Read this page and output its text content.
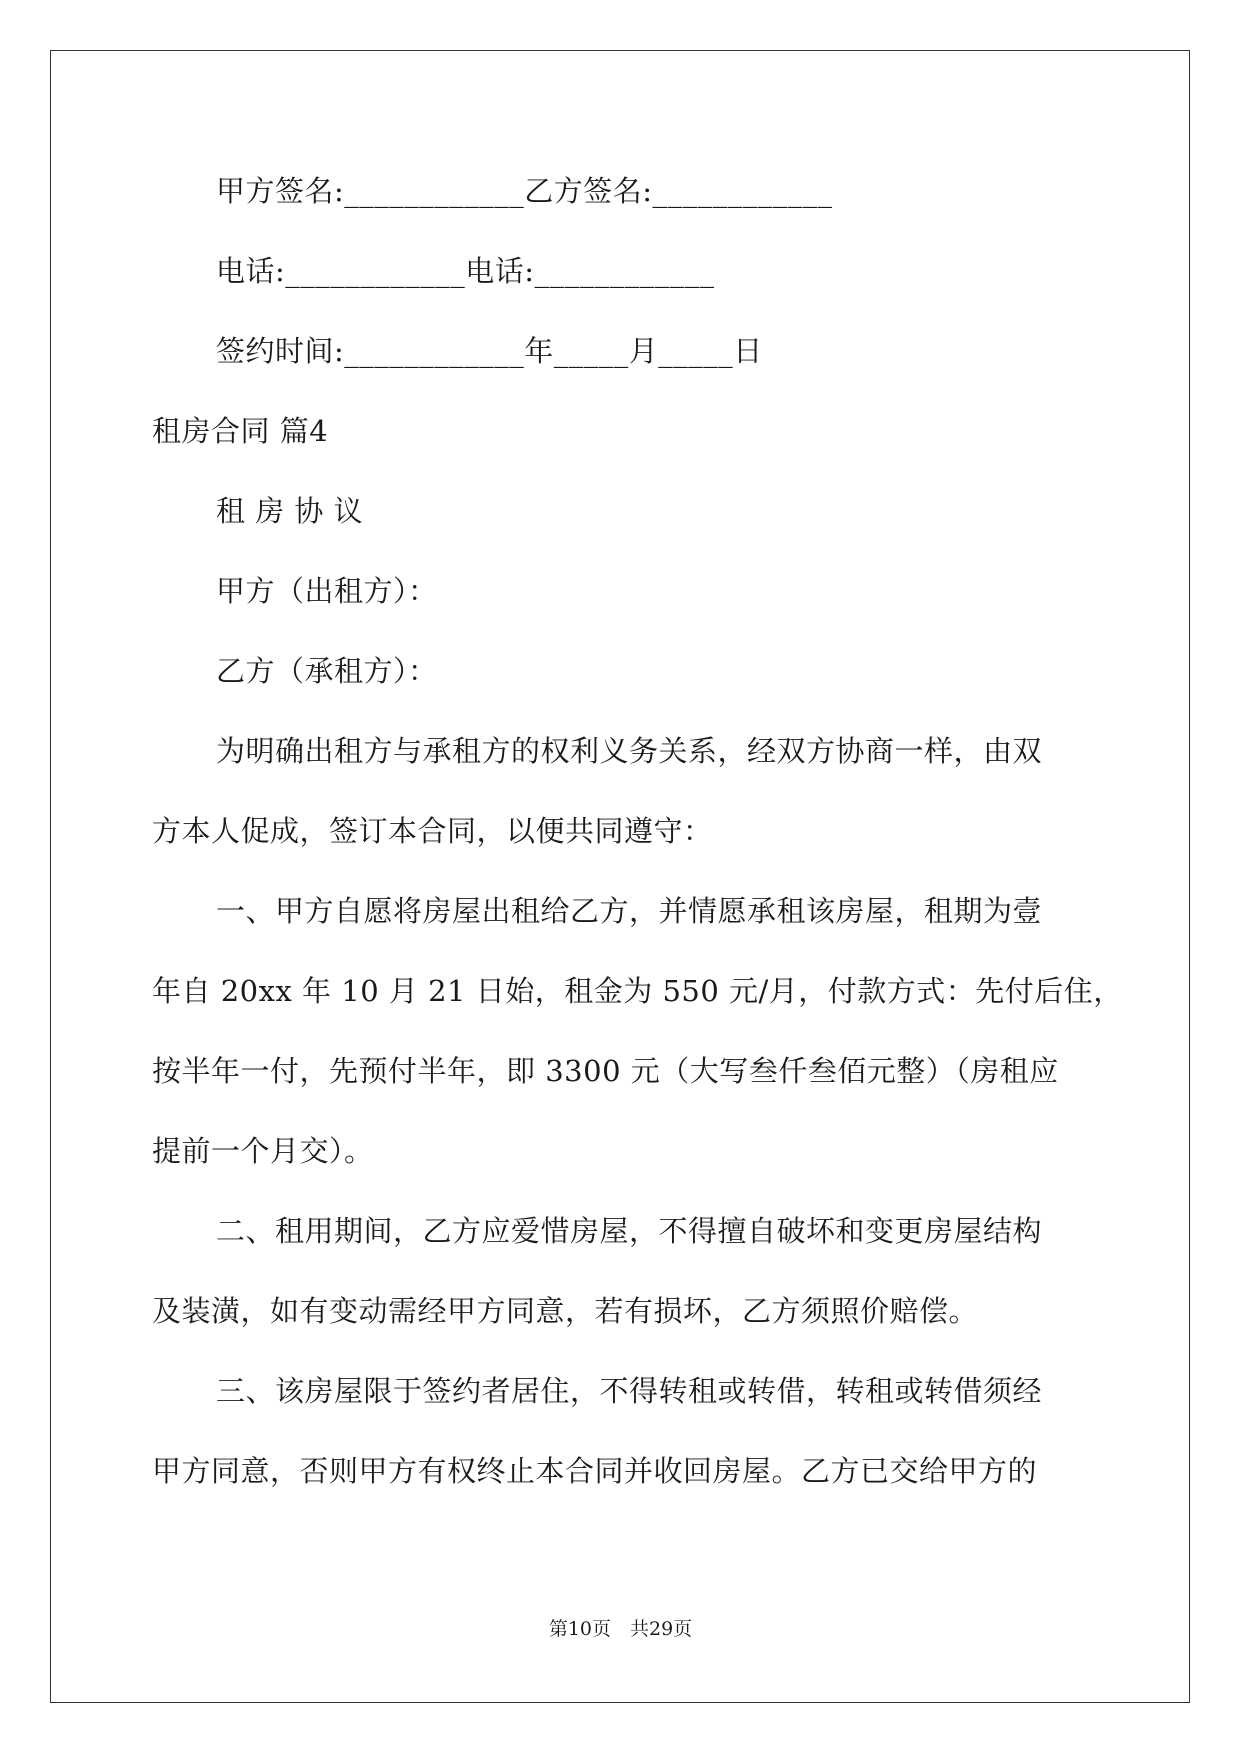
甲方签名:____________乙方签名:____________
电话:____________电话:____________
签约时间:____________年_____月_____日
租房合同 篇4
租 房 协 议
甲方（出租方）：
乙方（承租方）：
为明确出租方与承租方的权利义务关系，经双方协商一样，由双
方本人促成，签订本合同，以便共同遵守：
一、甲方自愿将房屋出租给乙方，并情愿承租该房屋，租期为壹
年自 20xx 年 10 月 21 日始，租金为 550 元/月，付款方式：先付后住，
按半年一付，先预付半年，即 3300 元（大写叁仟叁佰元整）（房租应
提前一个月交）。
二、租用期间，乙方应爱惜房屋，不得擅自破坏和变更房屋结构
及装潢，如有变动需经甲方同意，若有损坏，乙方须照价赔偿。
三、该房屋限于签约者居住，不得转租或转借，转租或转借须经
甲方同意，否则甲方有权终止本合同并收回房屋。乙方已交给甲方的
第10页　共29页
